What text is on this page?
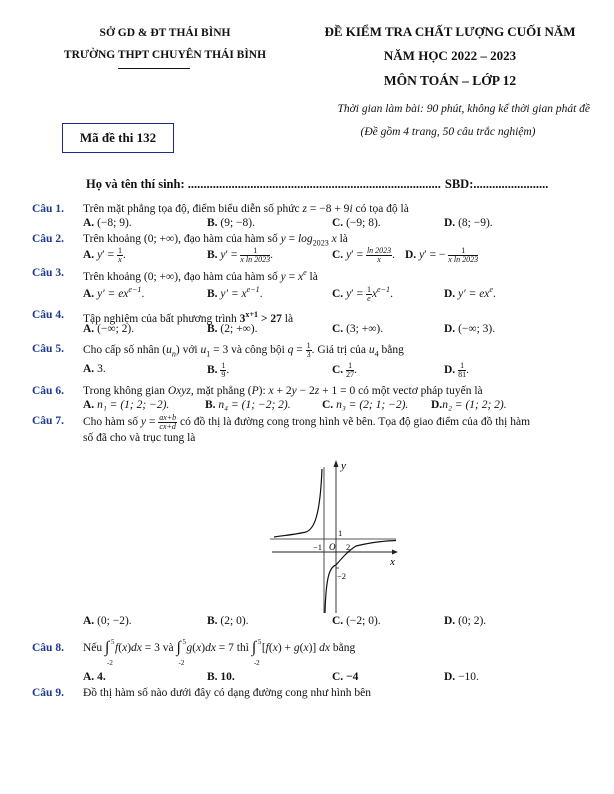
SỞ GD & ĐT THÁI BÌNH
TRƯỜNG THPT CHUYÊN THÁI BÌNH
ĐỀ KIỂM TRA CHẤT LƯỢNG CUỐI NĂM
NĂM HỌC 2022 – 2023
MÔN TOÁN – LỚP 12
Thời gian làm bài: 90 phút, không kể thời gian phát đề
(Đề gồm 4 trang, 50 câu trắc nghiệm)
Mã đề thi 132
Họ và tên thí sinh: ................................................................................. SBD:........................
Câu 1. Trên mặt phẳng tọa độ, điểm biểu diễn số phức z = −8 + 9i có tọa độ là
A. (−8; 9).	B. (9; −8).	C. (−9; 8).	D. (8; −9).
Câu 2. Trên khoảng (0; +∞), đạo hàm của hàm số $y = \log_{2023} x$ là
A. $y' = \frac{1}{x}$ .	B. $y' = \frac{1}{\text{x ln 2023}}$ .	C. $y' = \frac{\ln 2023}{x}$ . D. y′ = − $\frac{1}{\text{x ln 2023}}$
Câu 3. Trên khoảng (0; +∞), đạo hàm của hàm số $y = x^e$ là
A. $y' = ex^{e-1}$.	B. $y' = x^{e-1}$.	C. $y' = \frac{1}{e} x^{e-1}$.	D. $y' = ex^e$.
Câu 4. Tập nghiệm của bất phương trình $3^{x+1} > 27$ là
A. (−∞; 2).	B. (2; +∞).	C. (3; +∞).	D. (−∞; 3).
Câu 5. Cho cấp số nhân $(u_n)$ với $u_1 = 3$ và công bội $q = \frac{1}{3}$ . Giá trị của $u_4$ bằng
A. 3.	B. $\frac{1}{9}$ .	C. $\frac{1}{27}$ .	D. $\frac{1}{81}$ .
Câu 6. Trong không gian Oxyz, mặt phẳng (P): x + 2y − 2z + 1 = 0 có một vectơ pháp tuyến là
A. n₁ = (1; 2; −2).	B. n₄ = (1; −2; 2).	C. n₃ = (2; 1; −2). D.n₂ = (1; 2; 2).
Câu 7. Cho hàm số $y = \frac{ax+b}{cx+d}$ có đồ thị là đường cong trong hình vẽ bên. Tọa độ giao điểm của đồ thị hàm
số đã cho và trục tung là
y
x
O
1
−1	2
−2
A. (0; −2).	B. (2; 0).	C. (−2; 0).	D. (0; 2).
Câu 8. Nếu ∫ 5
-2
f(x)dx = 3 và ∫ 5
-2
g(x)dx = 7 thì ∫ 5
-2
[f(x) + g(x)] dx bằng
A. 4.	B. 10.	C. −4	D. −10.
Câu 9. Đồ thị hàm số nào dưới đây có dạng đường cong như hình bên
